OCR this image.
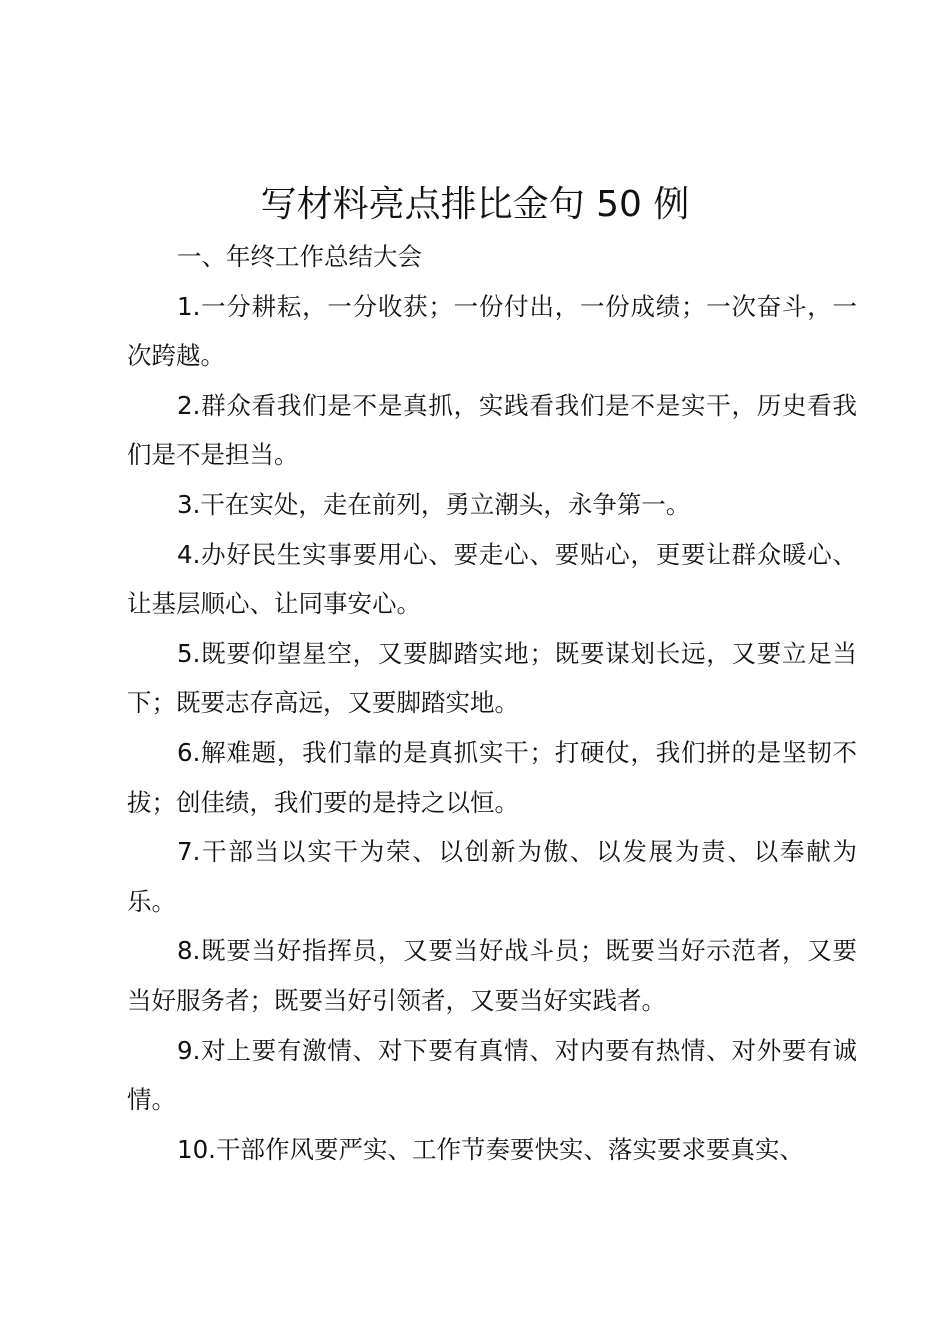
写材料亮点排比金句 50 例

一、年终工作总结大会

1.一分耕耘，一分收获；一份付出，一份成绩；一次奋斗，一次跨越。

2.群众看我们是不是真抓，实践看我们是不是实干，历史看我们是不是担当。

3.干在实处，走在前列，勇立潮头，永争第一。

4.办好民生实事要用心、要走心、要贴心，更要让群众暖心、让基层顺心、让同事安心。

5.既要仰望星空，又要脚踏实地；既要谋划长远，又要立足当下；既要志存高远，又要脚踏实地。

6.解难题，我们靠的是真抓实干；打硬仗，我们拼的是坚韧不拔；创佳绩，我们要的是持之以恒。

7.干部当以实干为荣、以创新为傲、以发展为责、以奉献为乐。

8.既要当好指挥员，又要当好战斗员；既要当好示范者，又要当好服务者；既要当好引领者，又要当好实践者。

9.对上要有激情、对下要有真情、对内要有热情、对外要有诚情。

10.干部作风要严实、工作节奏要快实、落实要求要真实、
